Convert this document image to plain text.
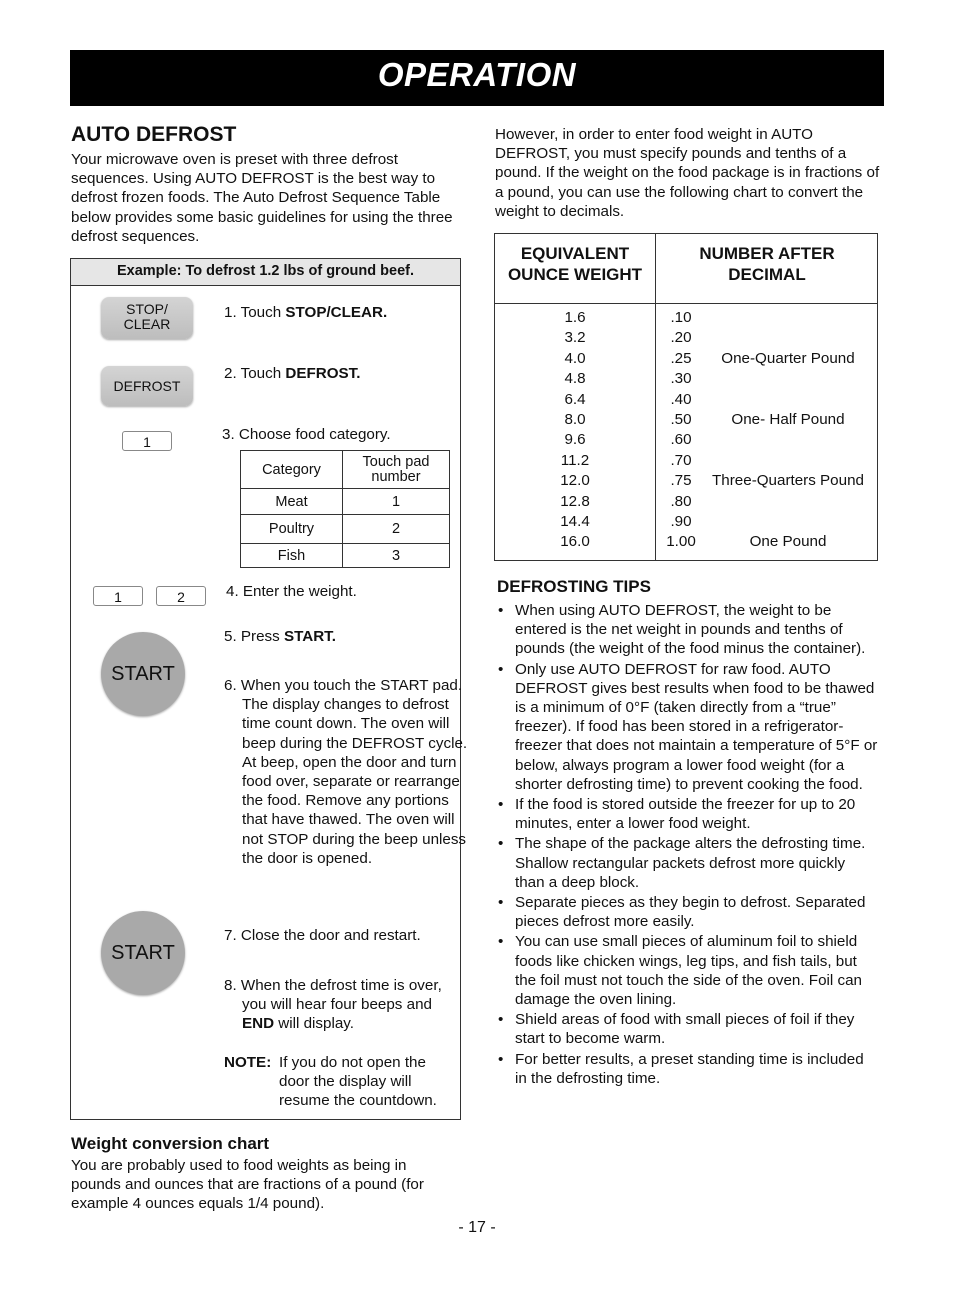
OPERATION
AUTO DEFROST
Your microwave oven is preset with three defrost sequences. Using AUTO DEFROST is the best way to defrost frozen foods. The Auto Defrost Sequence Table below provides some basic guidelines for using the three defrost sequences.
Example: To defrost 1.2 lbs of ground beef.
STOP/
CLEAR
1. Touch STOP/CLEAR.
DEFROST
2. Touch DEFROST.
1	3. Choose food category.
1	2	4. Enter the weight.
5. Press START.
START
6. When you touch the START pad. The display changes to defrost time count down. The oven will beep during the DEFROST cycle. At beep, open the door and turn food over, separate or rearrange the food. Remove any portions that have thawed. The oven will not STOP during the beep unless the door is opened.
START
7. Close the door and restart.
8. When the defrost time is over, you will hear four beeps and END will display.
NOTE: If you do not open the door the display will resume the countdown.
Category	Touch pad number
Meat	1
Poultry	2
Fish	3
Weight conversion chart
You are probably used to food weights as being in pounds and ounces that are fractions of a pound (for example 4 ounces equals 1/4 pound).
However, in order to enter food weight in AUTO DEFROST, you must specify pounds and tenths of a pound. If the weight on the food package is in fractions of a pound, you can use the following chart to convert the weight to decimals.
EQUIVALENT
OUNCE WEIGHT
NUMBER AFTER
DECIMAL
1.6	.10
3.2	.20
4.0	.25	One-Quarter Pound
4.8	.30
6.4	.40
8.0	.50	One- Half Pound
9.6	.60
11.2	.70
12.0	.75	Three-Quarters Pound
12.8	.80
14.4	.90
16.0	1.00	One Pound
DEFROSTING TIPS
• When using AUTO DEFROST, the weight to be entered is the net weight in pounds and tenths of pounds (the weight of the food minus the container).
• Only use AUTO DEFROST for raw food. AUTO DEFROST gives best results when food to be thawed is a minimum of 0°F (taken directly from a “true” freezer). If food has been stored in a refrigerator-freezer that does not maintain a temperature of 5°F or below, always program a lower food weight (for a shorter defrosting time) to prevent cooking the food.
• If the food is stored outside the freezer for up to 20 minutes, enter a lower food weight.
• The shape of the package alters the defrosting time. Shallow rectangular packets defrost more quickly than a deep block.
• Separate pieces as they begin to defrost. Separated pieces defrost more easily.
• You can use small pieces of aluminum foil to shield foods like chicken wings, leg tips, and fish tails, but the foil must not touch the side of the oven. Foil can damage the oven lining.
• Shield areas of food with small pieces of foil if they start to become warm.
• For better results, a preset standing time is included in the defrosting time.
- 17 -
